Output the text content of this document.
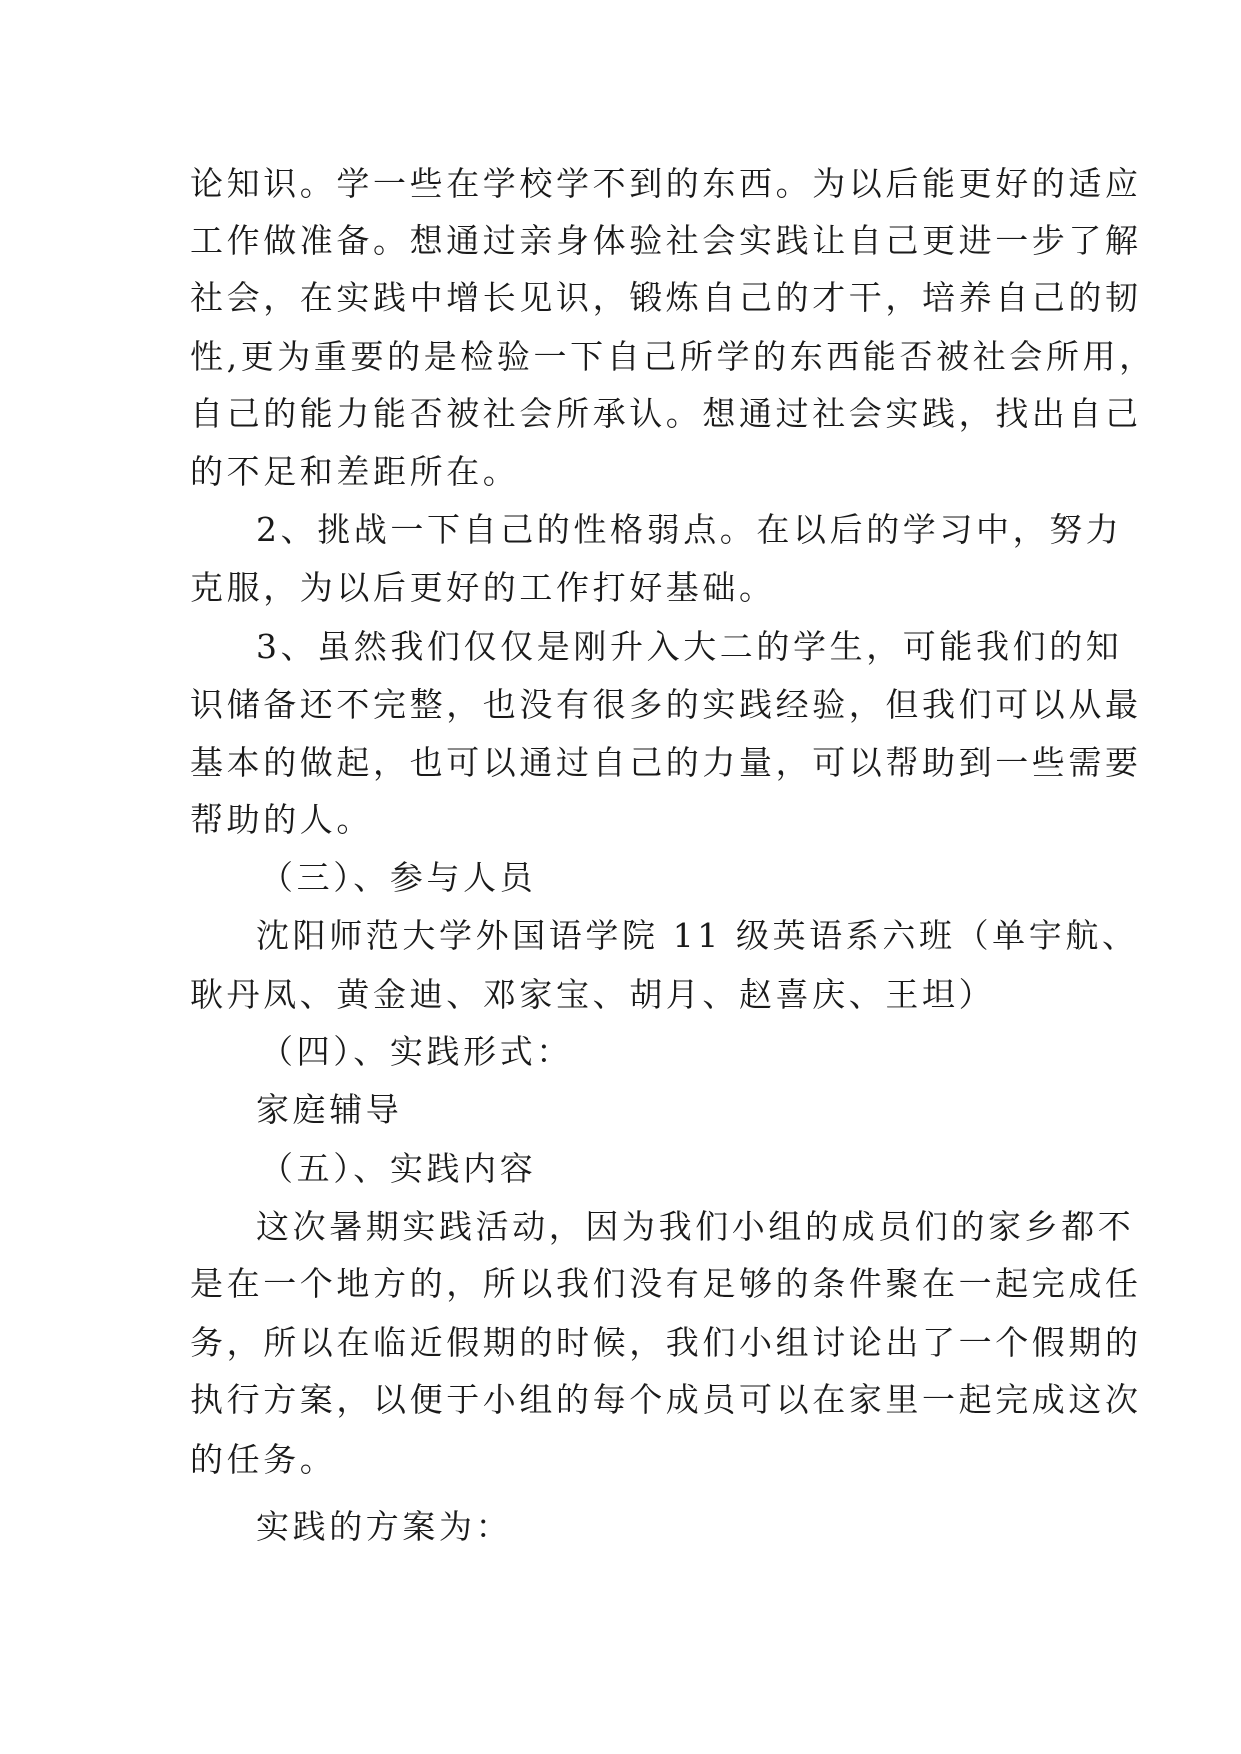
论知识。学一些在学校学不到的东西。为以后能更好的适应
工作做准备。想通过亲身体验社会实践让自己更进一步了解
社会，在实践中增长见识，锻炼自己的才干，培养自己的韧
性,更为重要的是检验一下自己所学的东西能否被社会所用，
自己的能力能否被社会所承认。想通过社会实践，找出自己
的不足和差距所在。
2、挑战一下自己的性格弱点。在以后的学习中，努力
克服，为以后更好的工作打好基础。
3、虽然我们仅仅是刚升入大二的学生，可能我们的知
识储备还不完整，也没有很多的实践经验，但我们可以从最
基本的做起，也可以通过自己的力量，可以帮助到一些需要
帮助的人。
（三）、参与人员
沈阳师范大学外国语学院 11 级英语系六班（单宇航、
耿丹凤、黄金迪、邓家宝、胡月、赵喜庆、王坦）
（四）、实践形式：
家庭辅导
（五）、实践内容
这次暑期实践活动，因为我们小组的成员们的家乡都不
是在一个地方的，所以我们没有足够的条件聚在一起完成任
务，所以在临近假期的时候，我们小组讨论出了一个假期的
执行方案，以便于小组的每个成员可以在家里一起完成这次
的任务。
实践的方案为：
